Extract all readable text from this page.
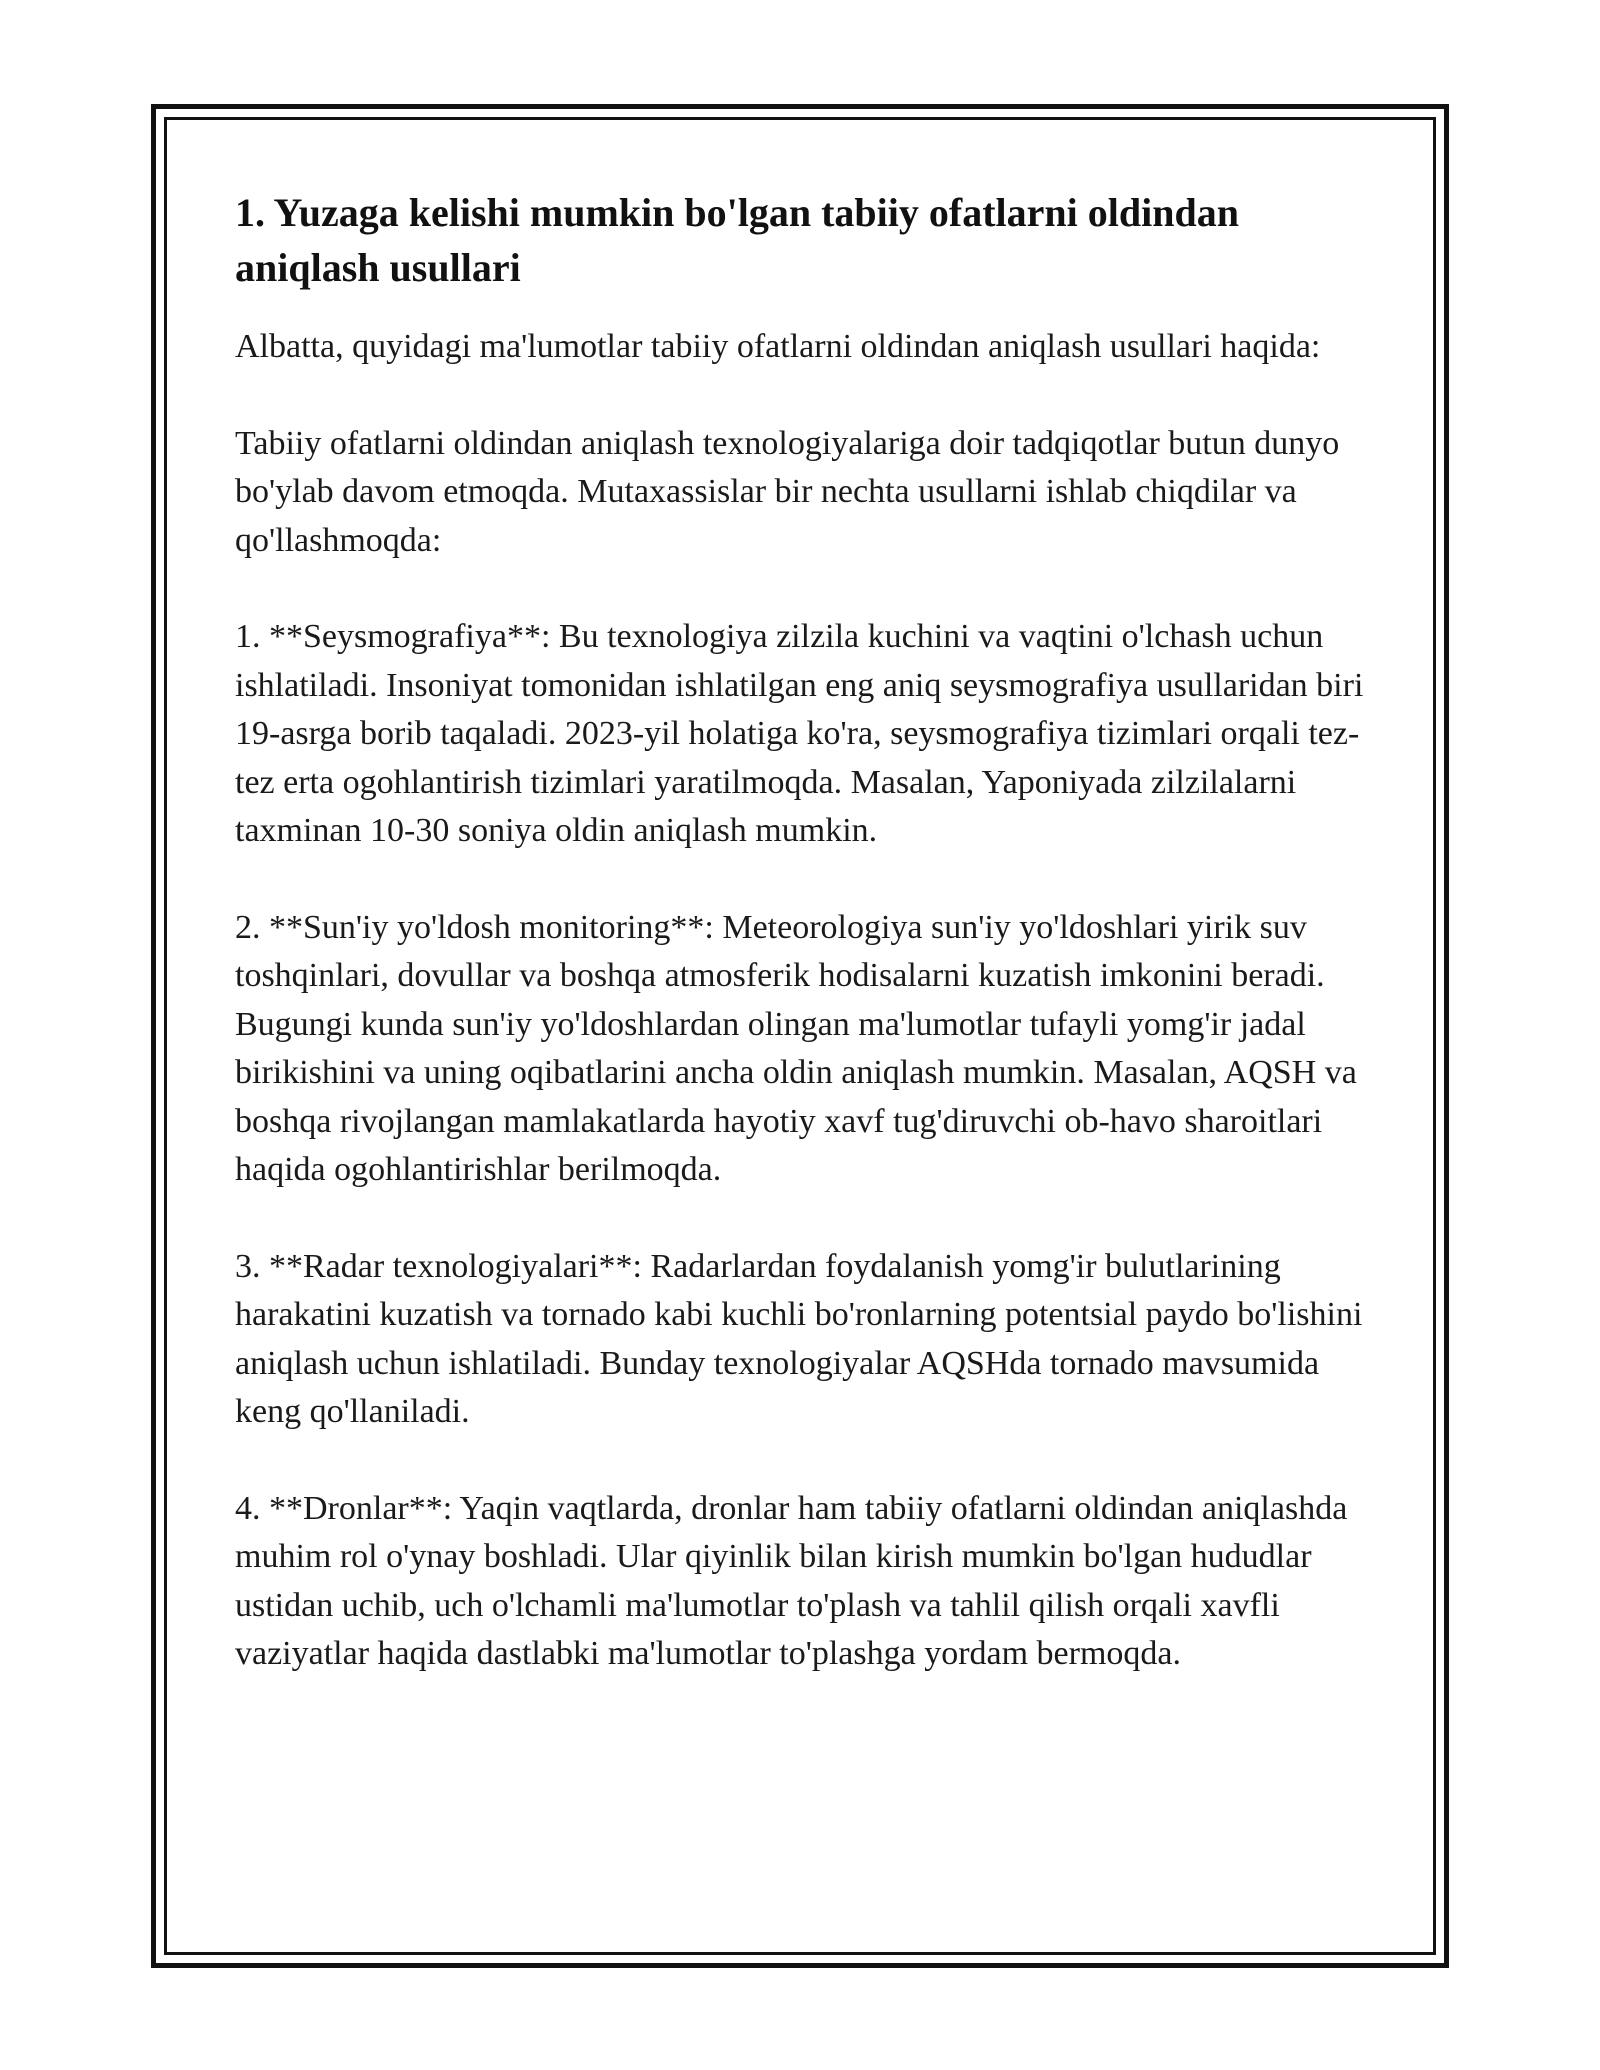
1. Yuzaga kelishi mumkin bo'lgan tabiiy ofatlarni oldindan aniqlash usullari

Albatta, quyidagi ma'lumotlar tabiiy ofatlarni oldindan aniqlash usullari haqida:

Tabiiy ofatlarni oldindan aniqlash texnologiyalariga doir tadqiqotlar butun dunyo bo'ylab davom etmoqda. Mutaxassislar bir nechta usullarni ishlab chiqdilar va qo'llashmoqda:

1. **Seysmografiya**: Bu texnologiya zilzila kuchini va vaqtini o'lchash uchun ishlatiladi. Insoniyat tomonidan ishlatilgan eng aniq seysmografiya usullaridan biri 19-asrga borib taqaladi. 2023-yil holatiga ko'ra, seysmografiya tizimlari orqali tez-tez erta ogohlantirish tizimlari yaratilmoqda. Masalan, Yaponiyada zilzilalarni taxminan 10-30 soniya oldin aniqlash mumkin.

2. **Sun'iy yo'ldosh monitoring**: Meteorologiya sun'iy yo'ldoshlari yirik suv toshqinlari, dovullar va boshqa atmosferik hodisalarni kuzatish imkonini beradi. Bugungi kunda sun'iy yo'ldoshlardan olingan ma'lumotlar tufayli yomg'ir jadal birikishini va uning oqibatlarini ancha oldin aniqlash mumkin. Masalan, AQSH va boshqa rivojlangan mamlakatlarda hayotiy xavf tug'diruvchi ob-havo sharoitlari haqida ogohlantirishlar berilmoqda.

3. **Radar texnologiyalari**: Radarlardan foydalanish yomg'ir bulutlarining harakatini kuzatish va tornado kabi kuchli bo'ronlarning potentsial paydo bo'lishini aniqlash uchun ishlatiladi. Bunday texnologiyalar AQSHda tornado mavsumida keng qo'llaniladi.

4. **Dronlar**: Yaqin vaqtlarda, dronlar ham tabiiy ofatlarni oldindan aniqlashda muhim rol o'ynay boshladi. Ular qiyinlik bilan kirish mumkin bo'lgan hududlar ustidan uchib, uch o'lchamli ma'lumotlar to'plash va tahlil qilish orqali xavfli vaziyatlar haqida dastlabki ma'lumotlar to'plashga yordam bermoqda.
